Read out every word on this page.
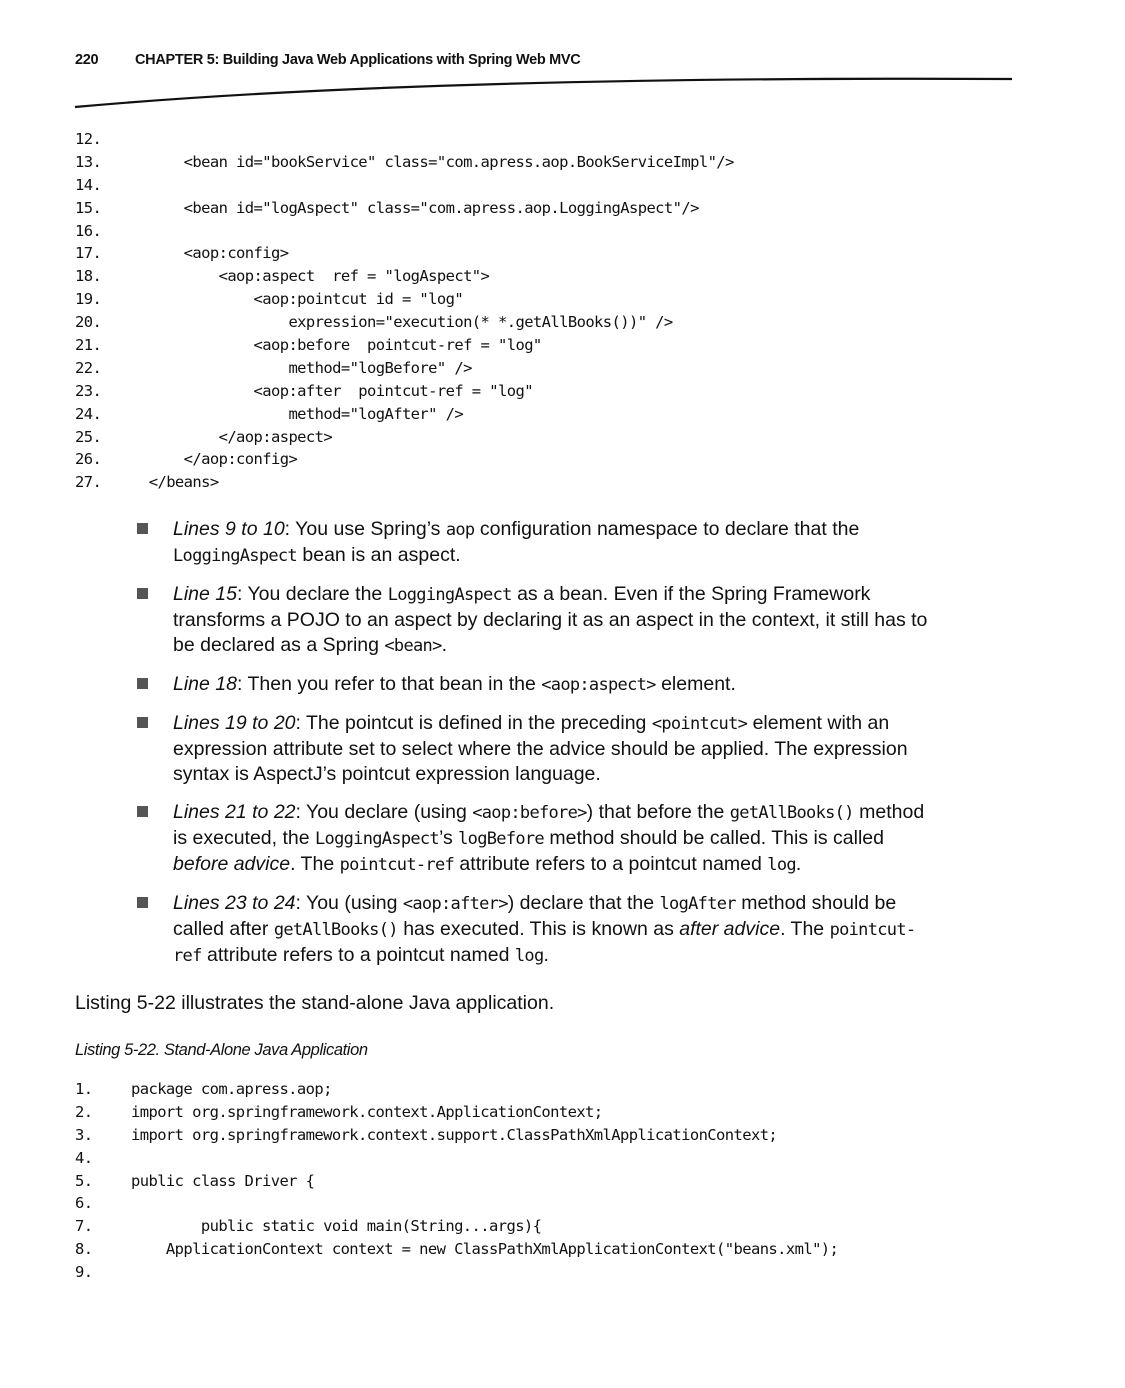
220	CHAPTER 5: Building Java Web Applications with Spring Web MVC
12.
13.	<bean id="bookService" class="com.apress.aop.BookServiceImpl"/>
14.
15.	<bean id="logAspect" class="com.apress.aop.LoggingAspect"/>
16.
17.	<aop:config>
18.	<aop:aspect  ref = "logAspect">
19.	<aop:pointcut id = "log"
20.	expression="execution(* *.getAllBooks())" />
21.	<aop:before  pointcut-ref = "log"
22.	method="logBefore" />
23.	<aop:after  pointcut-ref = "log"
24.	method="logAfter" />
25.	</aop:aspect>
26.	</aop:config>
27.	</beans>
Lines 9 to 10: You use Spring’s aop configuration namespace to declare that the LoggingAspect bean is an aspect.
Line 15: You declare the LoggingAspect as a bean. Even if the Spring Framework transforms a POJO to an aspect by declaring it as an aspect in the context, it still has to be declared as a Spring <bean>.
Line 18: Then you refer to that bean in the <aop:aspect> element.
Lines 19 to 20: The pointcut is defined in the preceding <pointcut> element with an expression attribute set to select where the advice should be applied. The expression syntax is AspectJ’s pointcut expression language.
Lines 21 to 22: You declare (using <aop:before>) that before the getAllBooks() method is executed, the LoggingAspect’s logBefore method should be called. This is called before advice. The pointcut-ref attribute refers to a pointcut named log.
Lines 23 to 24: You (using <aop:after>) declare that the logAfter method should be called after getAllBooks() has executed. This is known as after advice. The pointcut-ref attribute refers to a pointcut named log.
Listing 5-22 illustrates the stand-alone Java application.
Listing 5-22. Stand-Alone Java Application
1. package com.apress.aop;
2. import org.springframework.context.ApplicationContext;
3. import org.springframework.context.support.ClassPathXmlApplicationContext;
4.
5. public class Driver {
6.
7.        public static void main(String...args){
8.    ApplicationContext context = new ClassPathXmlApplicationContext("beans.xml");
9.
